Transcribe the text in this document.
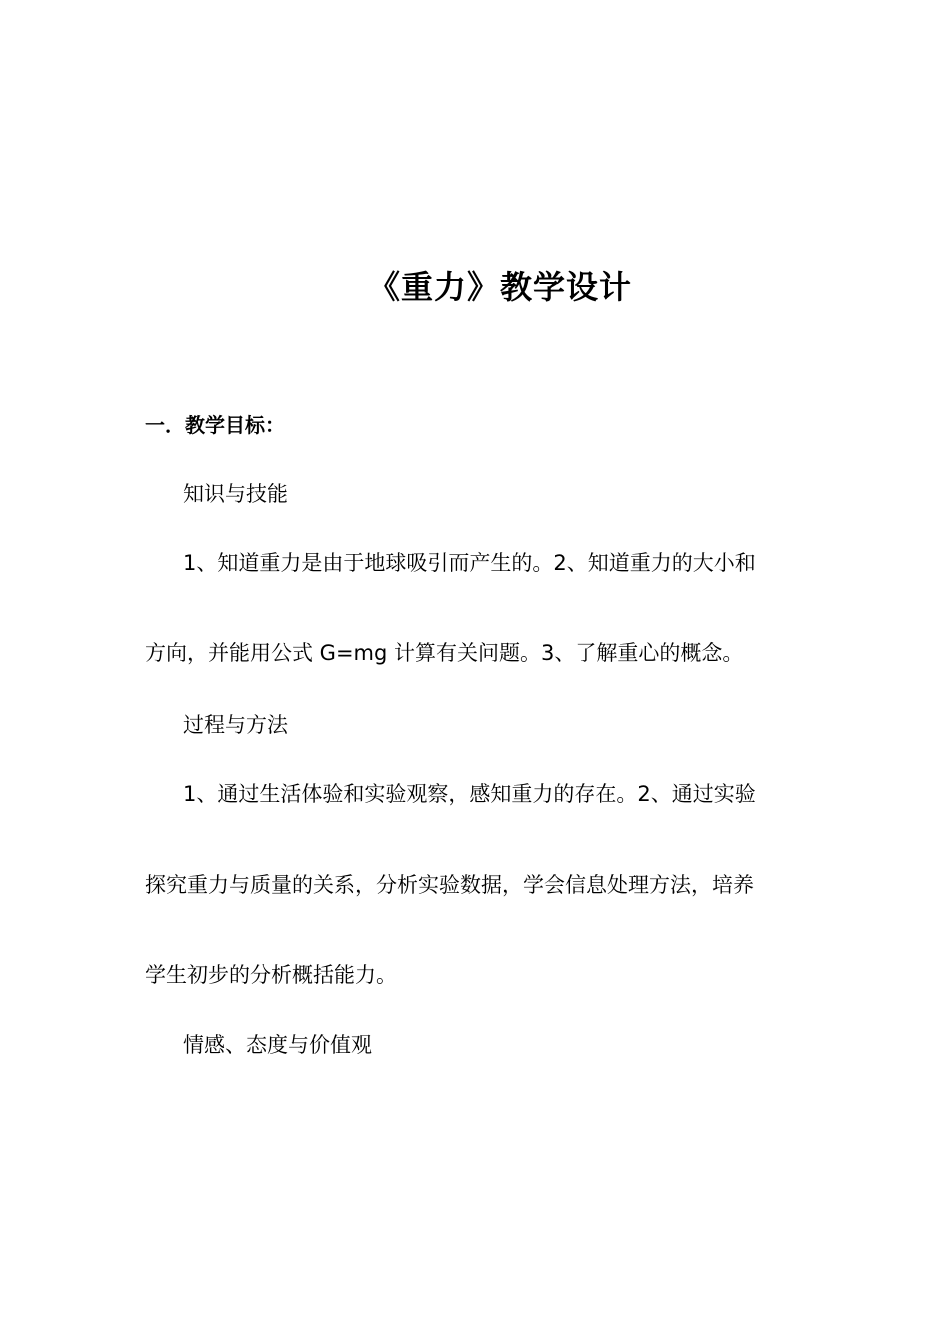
《重力》教学设计
一．教学目标：
知识与技能
1、知道重力是由于地球吸引而产生的。2、知道重力的大小和
方向，并能用公式 G=mg 计算有关问题。3、了解重心的概念。
过程与方法
1、通过生活体验和实验观察，感知重力的存在。2、通过实验
探究重力与质量的关系，分析实验数据，学会信息处理方法，培养
学生初步的分析概括能力。
情感、态度与价值观
